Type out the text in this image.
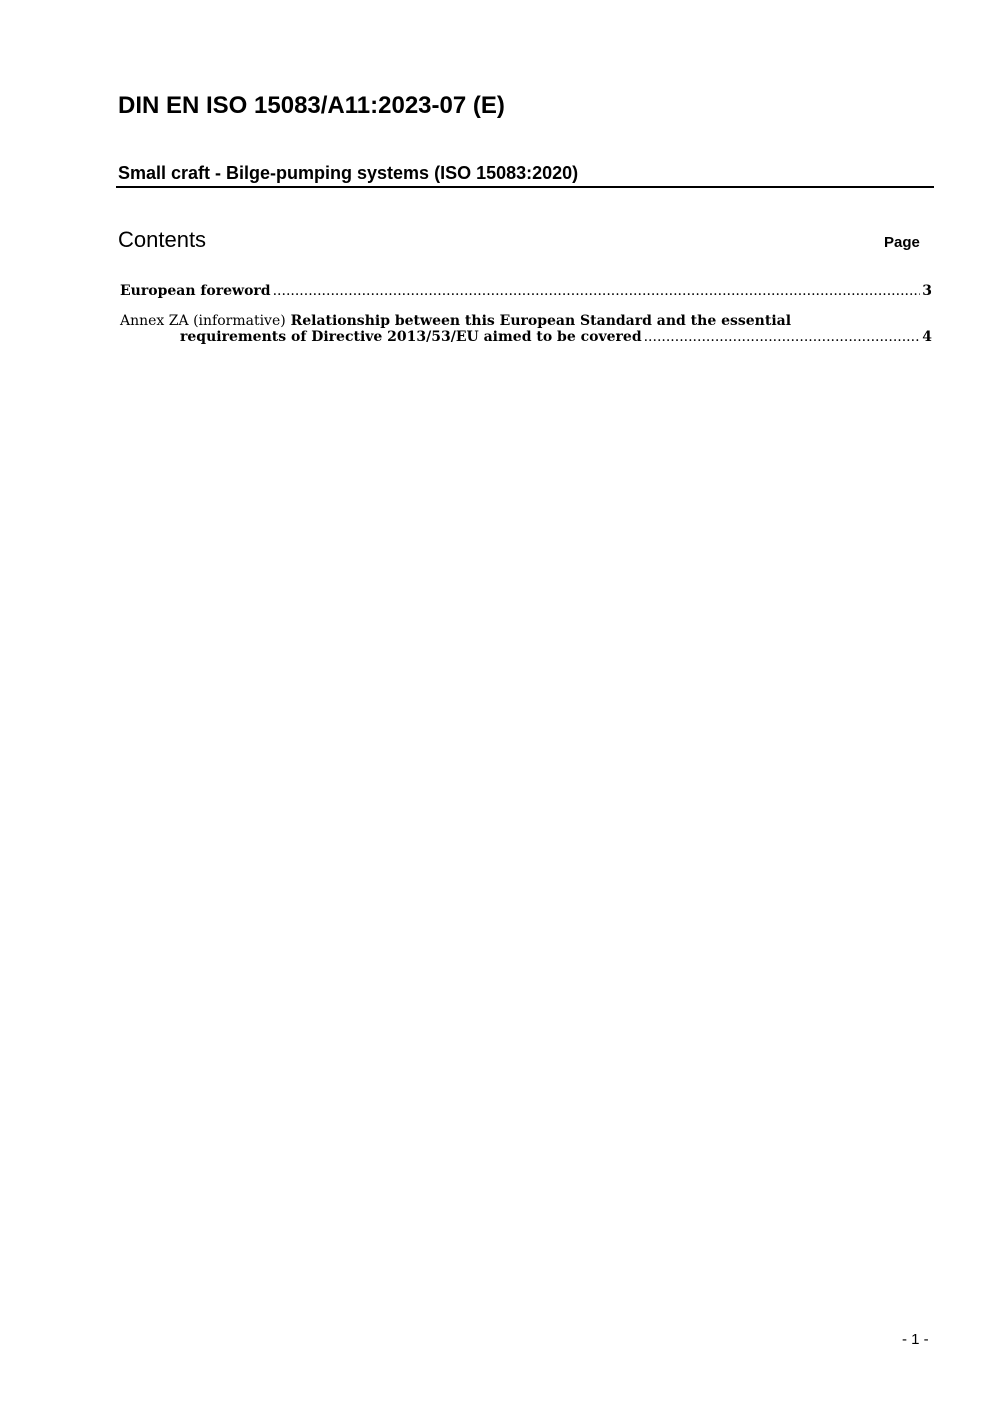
DIN EN ISO 15083/A11:2023-07 (E)
Small craft - Bilge-pumping systems (ISO 15083:2020)
Contents	Page
European foreword .....	3
Annex ZA (informative) Relationship between this European Standard and the essential
requirements of Directive 2013/53/EU aimed to be covered .....	4
- 1 -
